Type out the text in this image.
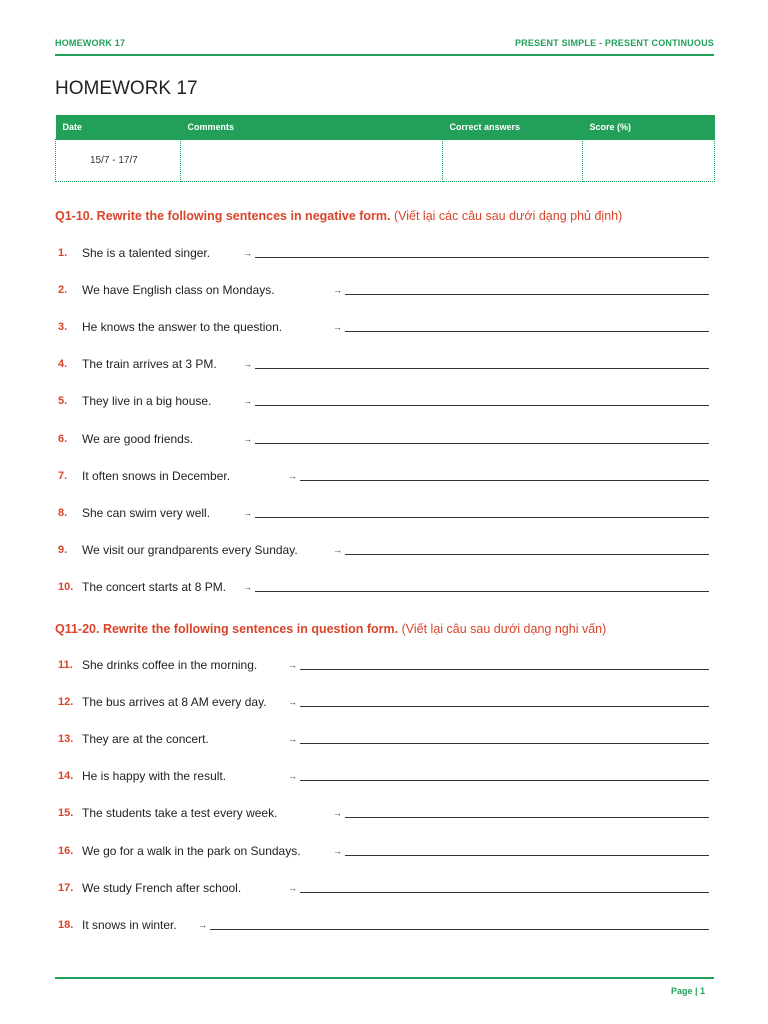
HOMEWORK 17	PRESENT SIMPLE - PRESENT CONTINUOUS
HOMEWORK 17
Date	Comments	Correct answers	Score (%)
15/7 - 17/7			
Q1-10. Rewrite the following sentences in negative form. (Viết lại các câu sau dưới dạng phủ định)
1. She is a talented singer.	→
2. We have English class on Mondays.	→
3. He knows the answer to the question.	→
4. The train arrives at 3 PM.	→
5. They live in a big house.	→
6. We are good friends.	→
7. It often snows in December.	→
8. She can swim very well.	→
9. We visit our grandparents every Sunday.	→
10. The concert starts at 8 PM. →
Q11-20. Rewrite the following sentences in question form. (Viết lại câu sau dưới dạng nghi vấn)
11. She drinks coffee in the morning.	→
12. The bus arrives at 8 AM every day. →
13. They are at the concert.	→
14. He is happy with the result.	→
15. The students take a test every week.	→
16. We go for a walk in the park on Sundays.	→
17. We study French after school.	→
18. It snows in winter. →
Page | 1
